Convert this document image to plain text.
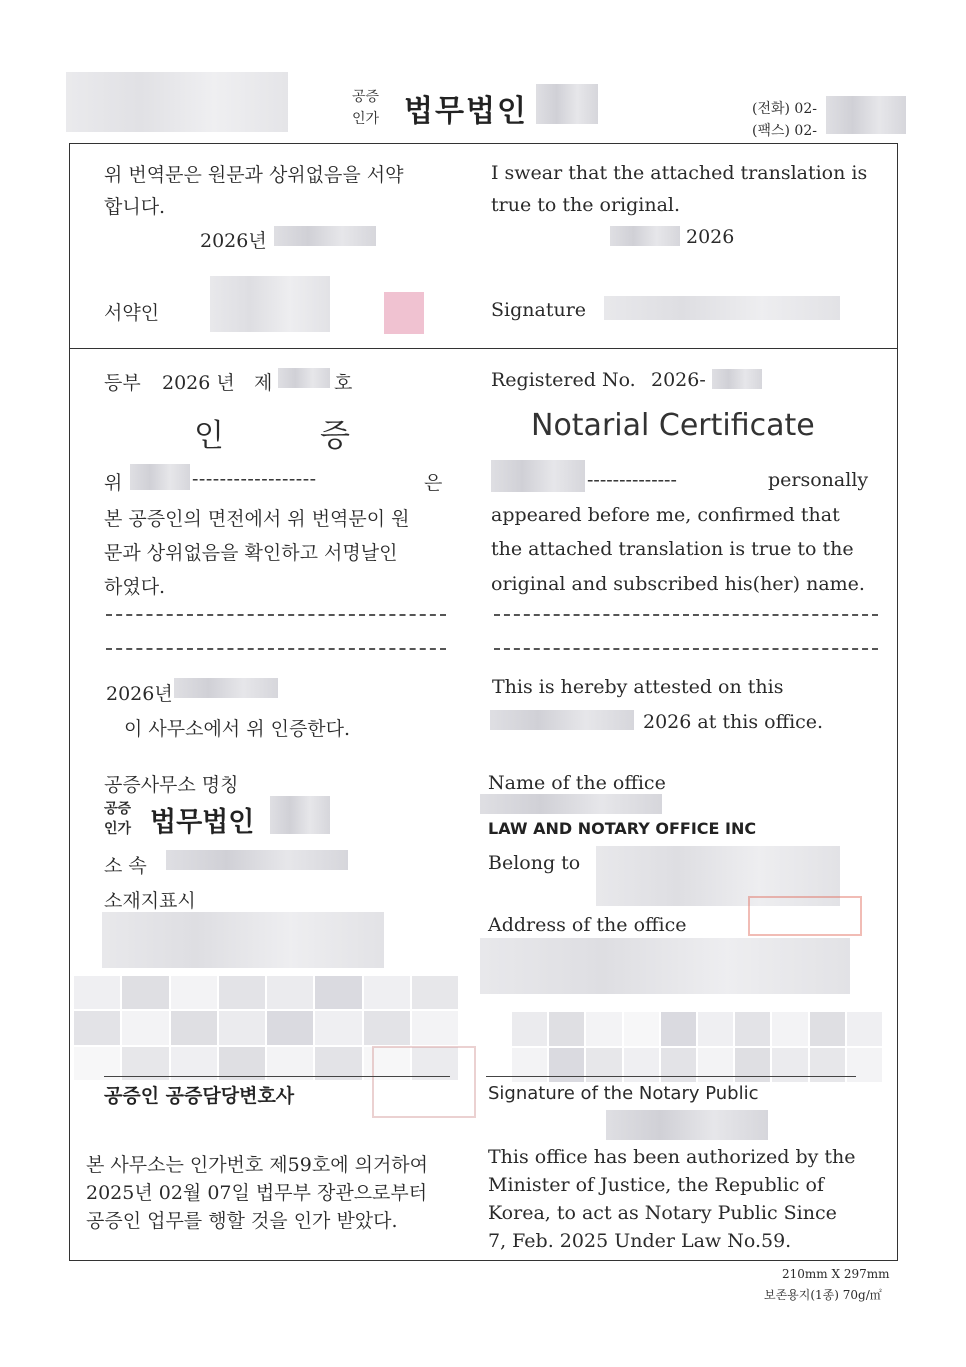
공증
인가 법무법인	(전화) 02-
(팩스) 02-
위 번역문은 원문과 상위없음을 서약
합니다.
2026년
I swear that the attached translation is
true to the original.
2026
서약인	Signature
등부 2026 년 제	호	Registered No. 2026-
인	증	Notarial Certificate
위	------------------	은
본 공증인의 면전에서 위 번역문이 원
문과 상위없음을 확인하고 서명날인
하였다.
--------------	personally
appeared before me, confirmed that
the attached translation is true to the
original and subscribed his(her) name.
2026년
이 사무소에서 위 인증한다.
This is hereby attested on this
2026 at this office.
공증사무소 명칭
공증
인가 법무법인
소 속
소재지표시
Name of the office
LAW AND NOTARY OFFICE INC
Belong to
Address of the office
공증인 공증담당변호사	Signature of the Notary Public
본 사무소는 인가번호 제59호에 의거하여
2025년 02월 07일 법무부 장관으로부터
공증인 업무를 행할 것을 인가 받았다.
This office has been authorized by the
Minister of Justice, the Republic of
Korea, to act as Notary Public Since
7, Feb. 2025 Under Law No.59.
210mm X 297mm
보존용지(1종) 70g/㎡
